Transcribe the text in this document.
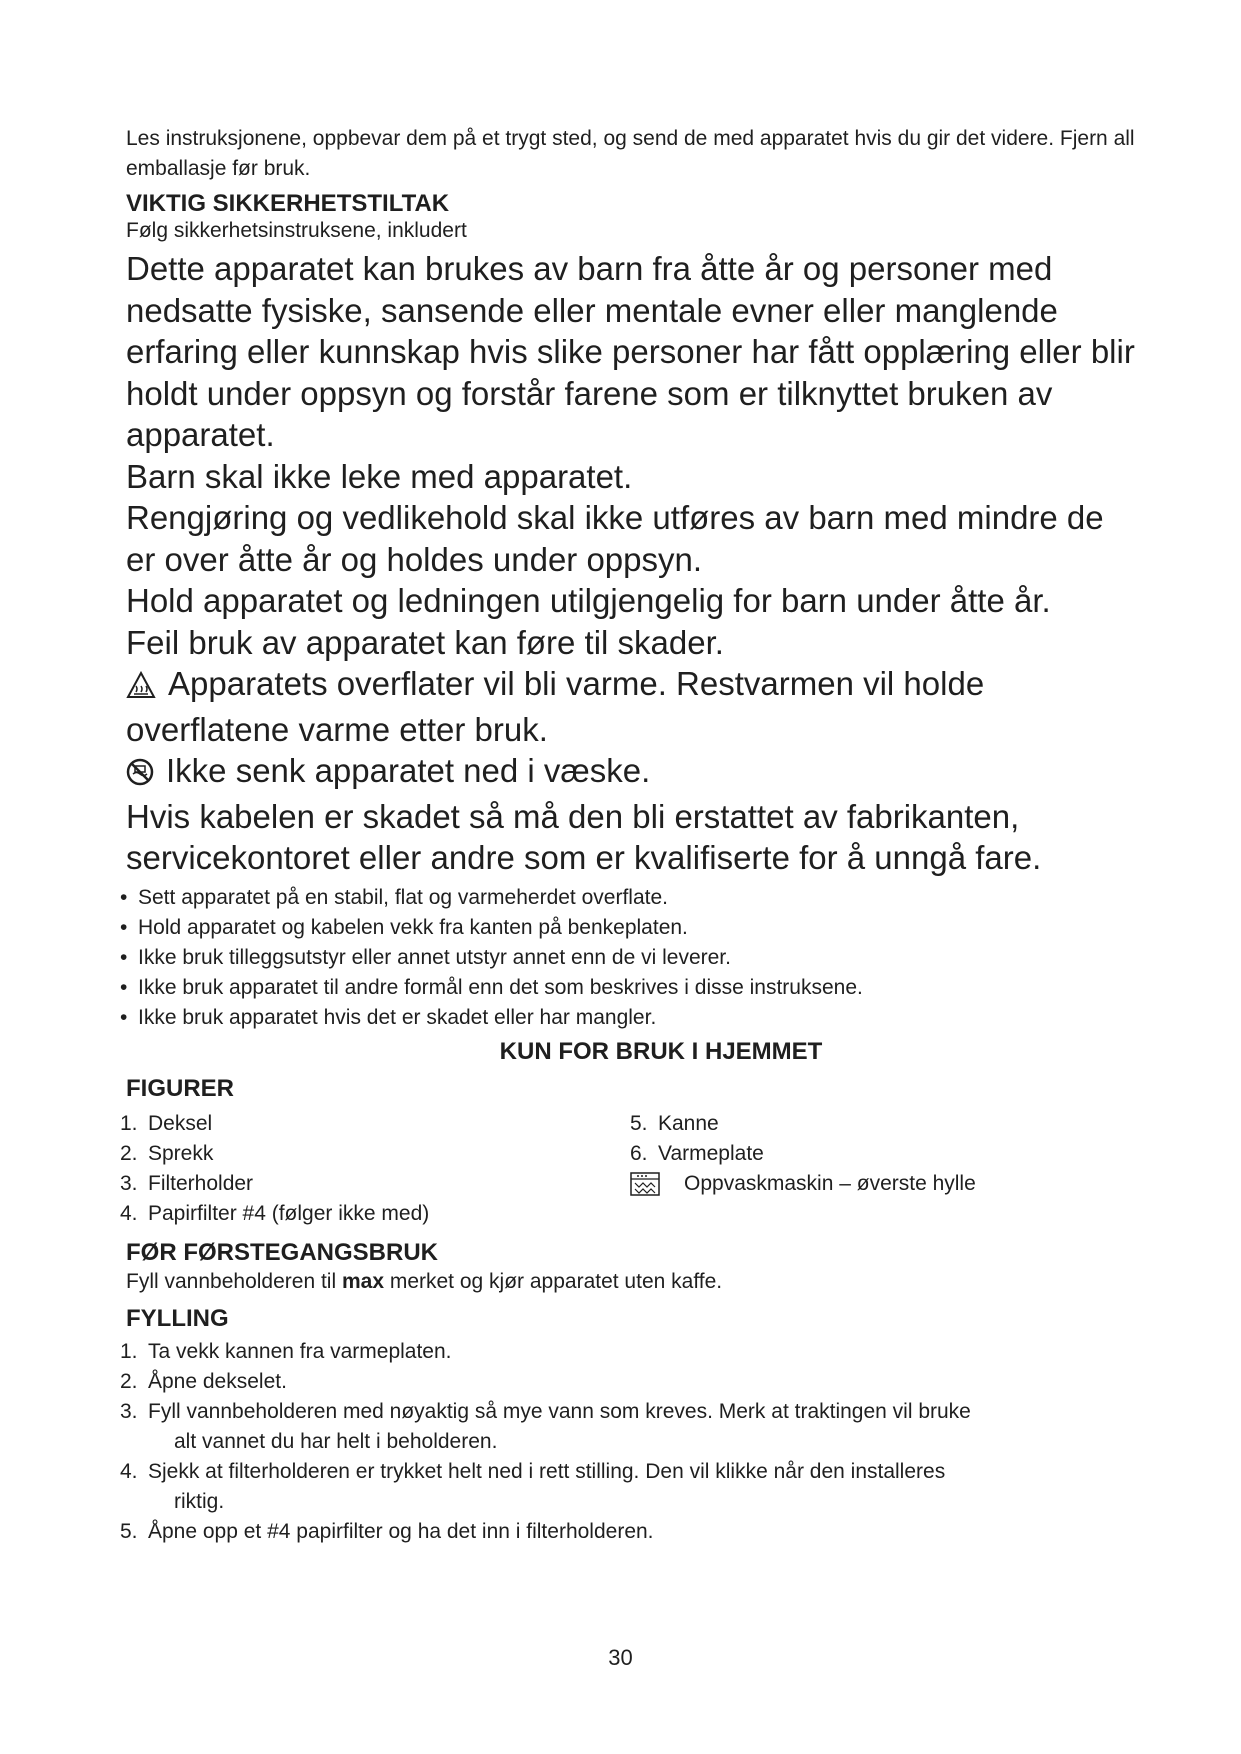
Les instruksjonene, oppbevar dem på et trygt sted, og send de med apparatet hvis du gir det videre. Fjern all emballasje før bruk.
VIKTIG SIKKERHETSTILTAK
Følg sikkerhetsinstruksene, inkludert

Dette apparatet kan brukes av barn fra åtte år og personer med nedsatte fysiske, sansende eller mentale evner eller manglende erfaring eller kunnskap hvis slike personer har fått opplæring eller blir holdt under oppsyn og forstår farene som er tilknyttet bruken av apparatet.

Barn skal ikke leke med apparatet.

Rengjøring og vedlikehold skal ikke utføres av barn med mindre de er over åtte år og holdes under oppsyn.

Hold apparatet og ledningen utilgjengelig for barn under åtte år.

Feil bruk av apparatet kan føre til skader.

Apparatets overflater vil bli varme. Restvarmen vil holde overflatene varme etter bruk.

Ikke senk apparatet ned i væske.

Hvis kabelen er skadet så må den bli erstattet av fabrikanten, servicekontoret eller andre som er kvalifiserte for å unngå fare.

• Sett apparatet på en stabil, flat og varmeherdet overflate.
• Hold apparatet og kabelen vekk fra kanten på benkeplaten.
• Ikke bruk tilleggsutstyr eller annet utstyr annet enn de vi leverer.
• Ikke bruk apparatet til andre formål enn det som beskrives i disse instruksene.
• Ikke bruk apparatet hvis det er skadet eller har mangler.
KUN FOR BRUK I HJEMMET
FIGURER
1. Deksel
2. Sprekk
3. Filterholder
4. Papirfilter #4 (følger ikke med)
5. Kanne
6. Varmeplate
Oppvaskmaskin – øverste hylle
FØR FØRSTEGANGSBRUK
Fyll vannbeholderen til max merket og kjør apparatet uten kaffe.
FYLLING
1. Ta vekk kannen fra varmeplaten.
2. Åpne dekselet.
3. Fyll vannbeholderen med nøyaktig så mye vann som kreves. Merk at traktingen vil bruke
alt vannet du har helt i beholderen.
4. Sjekk at filterholderen er trykket helt ned i rett stilling. Den vil klikke når den installeres
riktig.
5. Åpne opp et #4 papirfilter og ha det inn i filterholderen.
30
